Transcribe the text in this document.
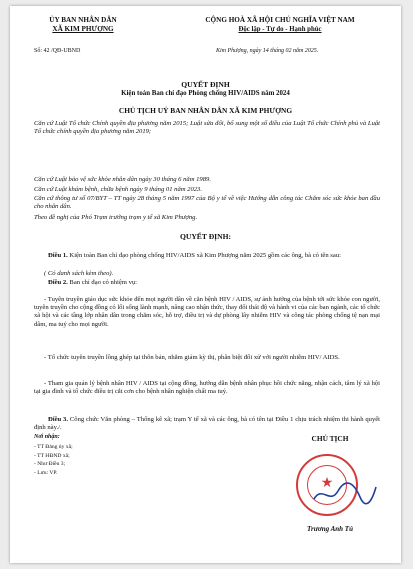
ỦY BAN NHÂN DÂN
XÃ KIM PHƯỢNG
CỘNG HOÀ XÃ HỘI CHỦ NGHĨA VIỆT NAM
Độc lập - Tự do - Hạnh phúc
Số: 42 /QĐ-UBND	Kim Phượng, ngày 14 tháng 02 năm 2025.
QUYẾT ĐỊNH
Kiện toàn Ban chỉ đạo Phòng chống HIV/AIDS năm 2024
CHỦ TỊCH UỶ BAN NHÂN DÂN XÃ KIM PHƯỢNG
Căn cứ Luật Tổ chức Chính quyền địa phương năm 2015; Luật sửa đổi, bổ sung một số điều của Luật Tổ chức Chính phủ và Luật Tổ chức chính quyền địa phương năm 2019;
Căn cứ Luật bảo vệ sức khỏe nhân dân ngày 30 tháng 6 năm 1989.
Căn cứ Luật khám bệnh, chữa bệnh ngày 9 tháng 01 năm 2023.
Căn cứ thông tư số 07/BYT – TT ngày 28 tháng 5 năm 1997 của Bộ y tế về việc Hướng dẫn công tác Chăm sóc sức khỏe ban đầu cho nhân dân.
Theo đề nghị của Phó Trạm trưởng trạm y tế xã Kim Phượng.
QUYẾT ĐỊNH:
Điều 1. Kiện toàn Ban chỉ đạo phòng chống HIV/AIDS xã Kim Phượng năm 2025 gồm các ông, bà có tên sau:
( Có danh sách kèm theo).
Điều 2. Ban chỉ đạo có nhiệm vụ:
- Tuyên truyền giáo dục sức khỏe đến mọi người dân về căn bệnh HIV / AIDS, sự ảnh hưởng của bệnh tới sức khỏe con người, tuyên truyền cho cộng đồng có lối sống lành mạnh, nâng cao nhận thức, thay đổi thái độ và hành vi của các ban ngành, các tổ chức xã hội và các tầng lớp nhân dân trong chăm sóc, hỗ trợ, điều trị và dự phòng lây nhiễm HIV và công tác phòng chống tệ nạn mại dâm, ma tuý cho mọi người.
- Tổ chức tuyên truyền lồng ghép tại thôn bản, nhằm giảm kỳ thị, phân biệt đối xử với người nhiễm HIV/ AIDS.
- Tham gia quản lý bệnh nhân HIV / AIDS tại cộng đồng, hướng dẫn bệnh nhân phục hồi chức năng, nhận cách, tâm lý xã hội tại gia đình và tổ chức điều trị cắt cơn cho bệnh nhân nghiện chất ma tuý.
Điều 3. Công chức Văn phòng – Thống kê xã; trạm Y tế xã và các ông, bà có tên tại Điều 1 chịu trách nhiệm thi hành quyết định này./.
Nơi nhận:
- TT Đảng ủy xã;
- TT HĐND xã;
- Như Điều 3;
- Lưu: VP.
CHỦ TỊCH
★
Trương Anh Tú
